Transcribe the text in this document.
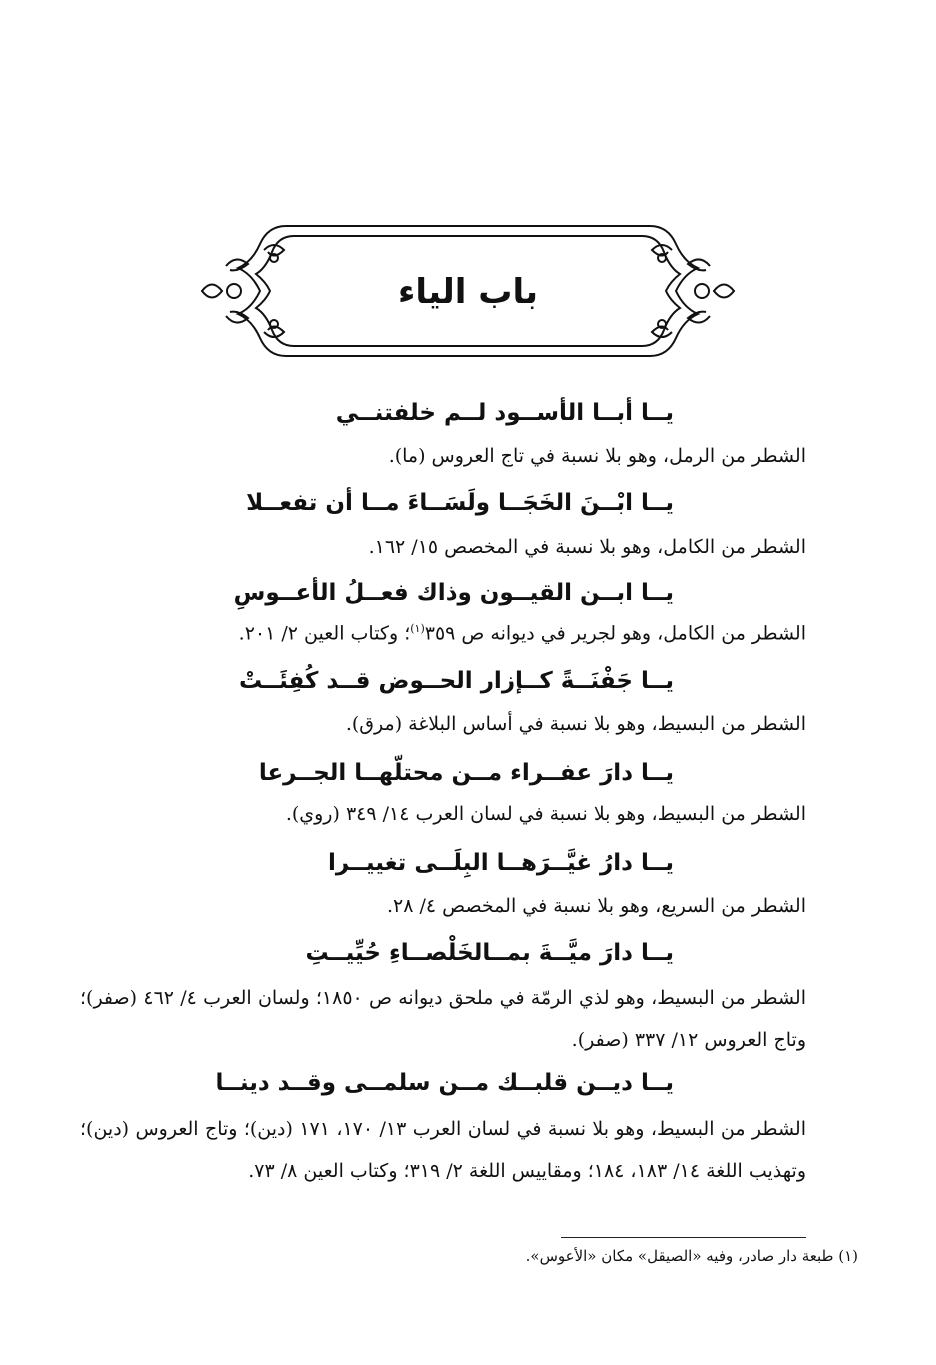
باب الياء
يــا أبــا الأســود لــم خلفتنــي
الشطر من الرمل، وهو بلا نسبة في تاج العروس (ما).
يــا ابْــنَ الخَجَــا ولَسَــاءَ مــا أن تفعــلا
الشطر من الكامل، وهو بلا نسبة في المخصص ١٥/ ١٦٢.
يــا ابــن القيــون وذاك فعــلُ الأعــوسِ
الشطر من الكامل، وهو لجرير في ديوانه ص ٣٥٩$^{(١)}$؛ وكتاب العين ٢/ ٢٠١.
يــا جَفْنَــةً كــإزار الحــوض قــد كُفِئَــتْ
الشطر من البسيط، وهو بلا نسبة في أساس البلاغة (مرق).
يــا دارَ عفــراء مــن محتلّهــا الجــرعا
الشطر من البسيط، وهو بلا نسبة في لسان العرب ١٤/ ٣٤٩ (روي).
يــا دارُ غيَّــرَهــا البِلَــى تغييــرا
الشطر من السريع، وهو بلا نسبة في المخصص ٤/ ٢٨.
يــا دارَ ميَّــةَ بمــالخَلْصــاءِ حُيِّيــتِ
الشطر من البسيط، وهو لذي الرمّة في ملحق ديوانه ص ١٨٥٠؛ ولسان العرب ٤/ ٤٦٢ (صفر)؛ وتاج العروس ١٢/ ٣٣٧ (صفر).
يــا ديــن قلبــك مــن سلمــى وقــد دينــا
الشطر من البسيط، وهو بلا نسبة في لسان العرب ١٣/ ١٧٠، ١٧١ (دين)؛ وتاج العروس (دين)؛ وتهذيب اللغة ١٤/ ١٨٣، ١٨٤؛ ومقاييس اللغة ٢/ ٣١٩؛ وكتاب العين ٨/ ٧٣.
(١) طبعة دار صادر، وفيه «الصيقل» مكان «الأعوس».
